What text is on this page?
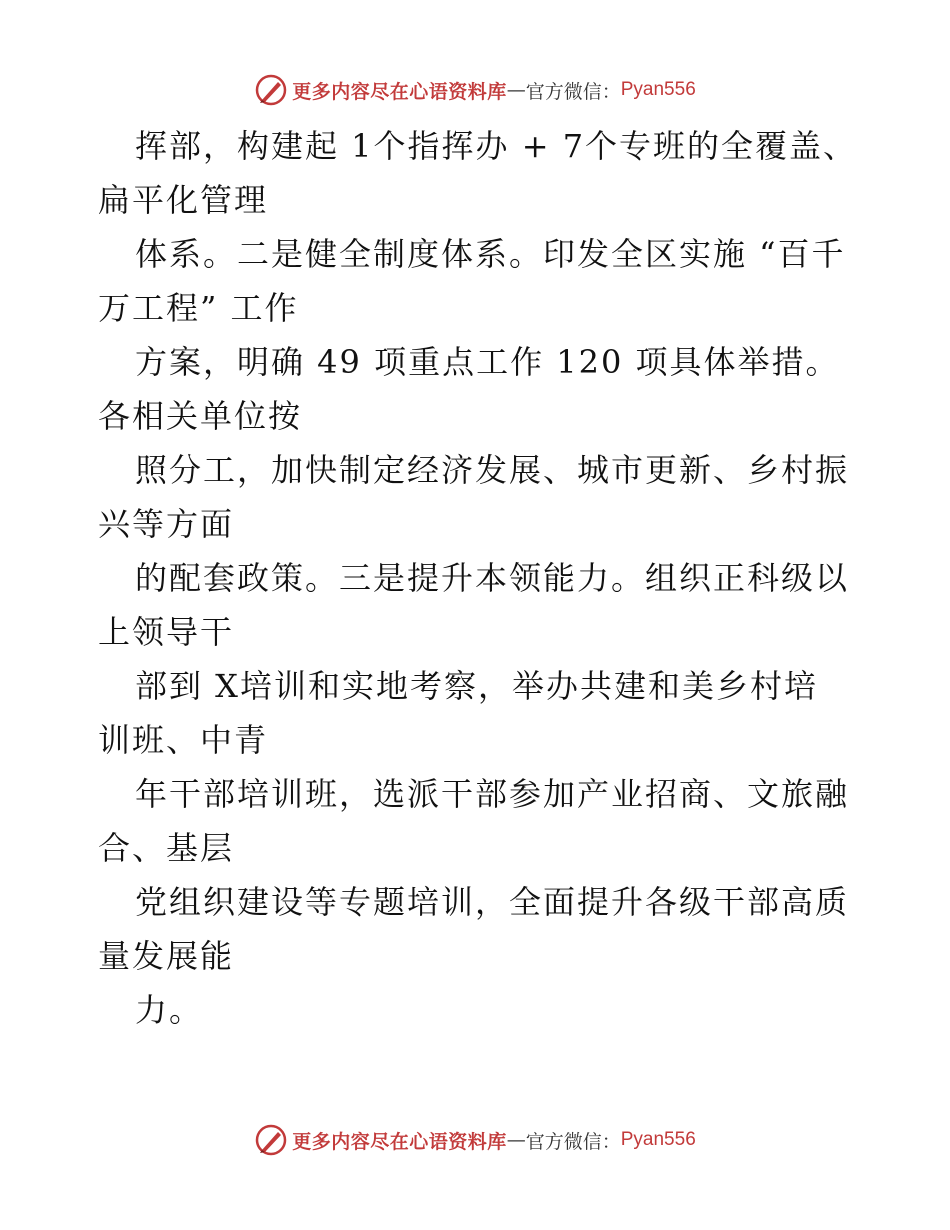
更多内容尽在心语资料库 — 官方微信： Pyan556
挥部，构建起 1个指挥办 + 7个专班的全覆盖、
扁平化管理
体系。二是健全制度体系。印发全区实施 “百千
万工程” 工作
方案，明确 49 项重点工作 120 项具体举措。
各相关单位按
照分工，加快制定经济发展、城市更新、乡村振
兴等方面
的配套政策。三是提升本领能力。组织正科级以
上领导干
部到 X培训和实地考察，举办共建和美乡村培
训班、中青
年干部培训班，选派干部参加产业招商、文旅融
合、基层
党组织建设等专题培训，全面提升各级干部高质
量发展能
力。
更多内容尽在心语资料库 — 官方微信： Pyan556
